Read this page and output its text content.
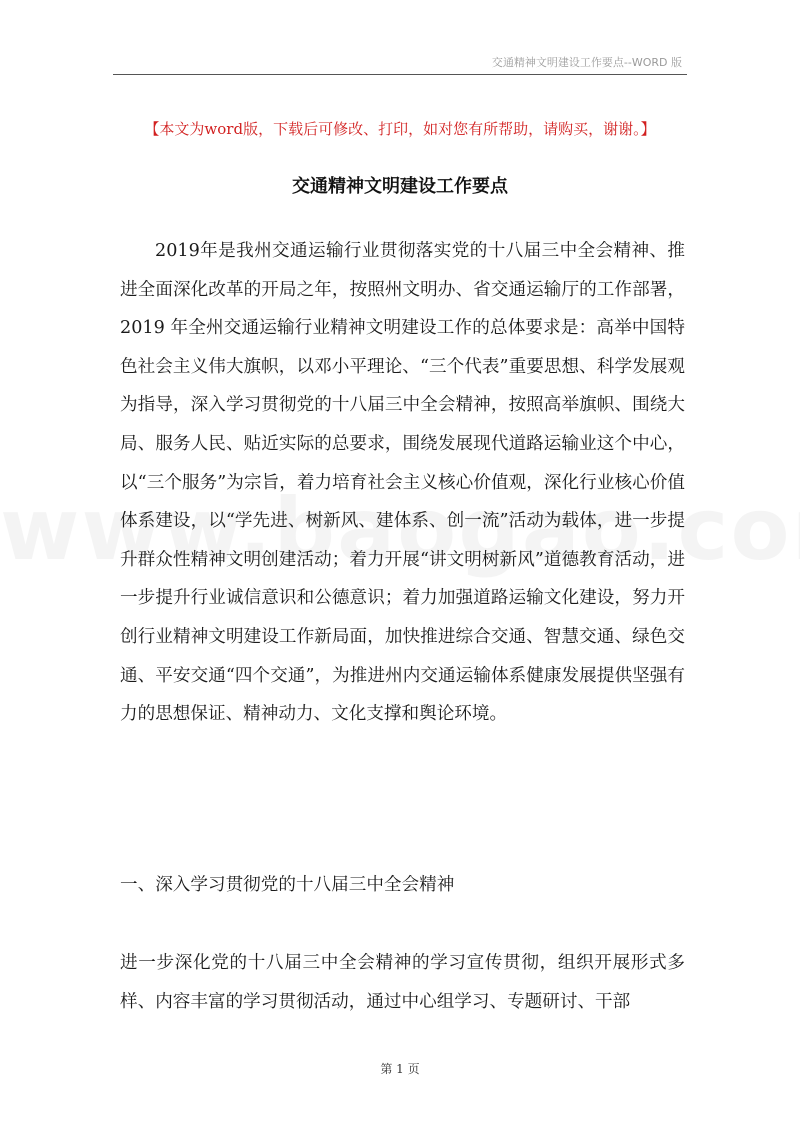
交通精神文明建设工作要点--WORD 版
【本文为word版，下载后可修改、打印，如对您有所帮助，请购买，谢谢。】
交通精神文明建设工作要点

2019年是我州交通运输行业贯彻落实党的十八届三中全会精神、推进全面深化改革的开局之年，按照州文明办、省交通运输厅的工作部署，2019 年全州交通运输行业精神文明建设工作的总体要求是：高举中国特色社会主义伟大旗帜，以邓小平理论、“三个代表”重要思想、科学发展观为指导，深入学习贯彻党的十八届三中全会精神，按照高举旗帜、围绕大局、服务人民、贴近实际的总要求，围绕发展现代道路运输业这个中心，以“三个服务”为宗旨，着力培育社会主义核心价值观，深化行业核心价值体系建设，以“学先进、树新风、建体系、创一流”活动为载体，进一步提升群众性精神文明创建活动；着力开展“讲文明树新风”道德教育活动，进一步提升行业诚信意识和公德意识；着力加强道路运输文化建设，努力开创行业精神文明建设工作新局面，加快推进综合交通、智慧交通、绿色交通、平安交通“四个交通”，为推进州内交通运输体系健康发展提供坚强有力的思想保证、精神动力、文化支撑和舆论环境。

一、深入学习贯彻党的十八届三中全会精神

进一步深化党的十八届三中全会精神的学习宣传贯彻，组织开展形式多样、内容丰富的学习贯彻活动，通过中心组学习、专题研讨、干部

第 1 页
